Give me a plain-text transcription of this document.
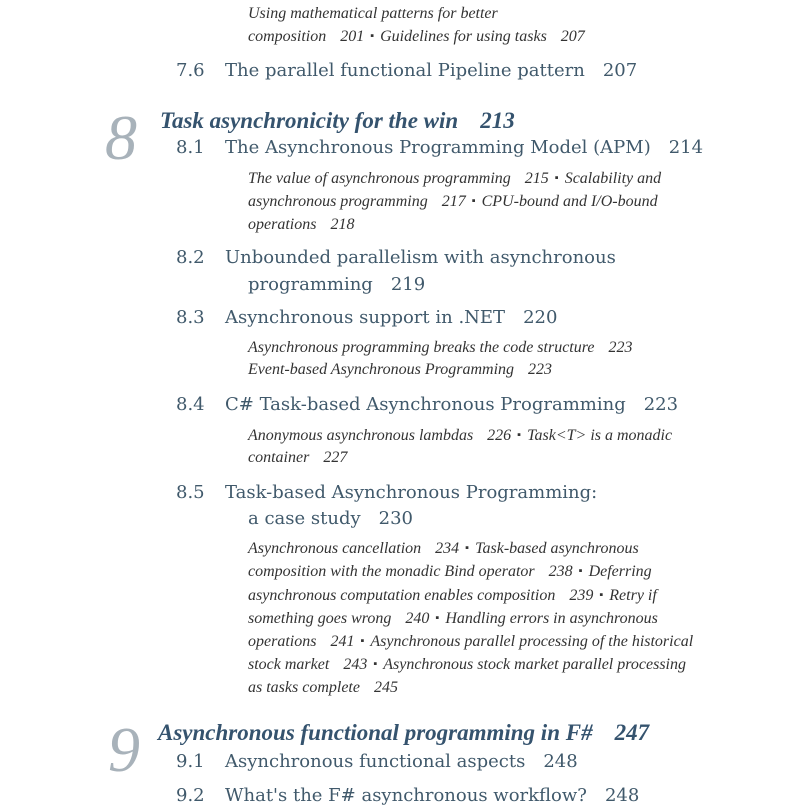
Using mathematical patterns for better
composition 201 ▪ Guidelines for using tasks 207

7.6	The parallel functional Pipeline pattern 207
8 Task asynchronicity for the win 213
8.1	The Asynchronous Programming Model (APM) 214

The value of asynchronous programming 215 ▪ Scalability and
asynchronous programming 217 ▪ CPU-bound and I/O-bound
operations 218

8.2	Unbounded parallelism with asynchronous
programming 219
8.3	Asynchronous support in .NET 220

Asynchronous programming breaks the code structure 223
Event-based Asynchronous Programming 223

8.4	C# Task-based Asynchronous Programming 223

Anonymous asynchronous lambdas 226 ▪ Task<T> is a monadic
container 227

8.5	Task-based Asynchronous Programming:
a case study 230

Asynchronous cancellation 234 ▪ Task-based asynchronous
composition with the monadic Bind operator 238 ▪ Deferring
asynchronous computation enables composition 239 ▪ Retry if
something goes wrong 240 ▪ Handling errors in asynchronous
operations 241 ▪ Asynchronous parallel processing of the historical
stock market 243 ▪ Asynchronous stock market parallel processing
as tasks complete 245

9 Asynchronous functional programming in F# 247
9.1	Asynchronous functional aspects 248
9.2	What's the F# asynchronous workflow? 248
